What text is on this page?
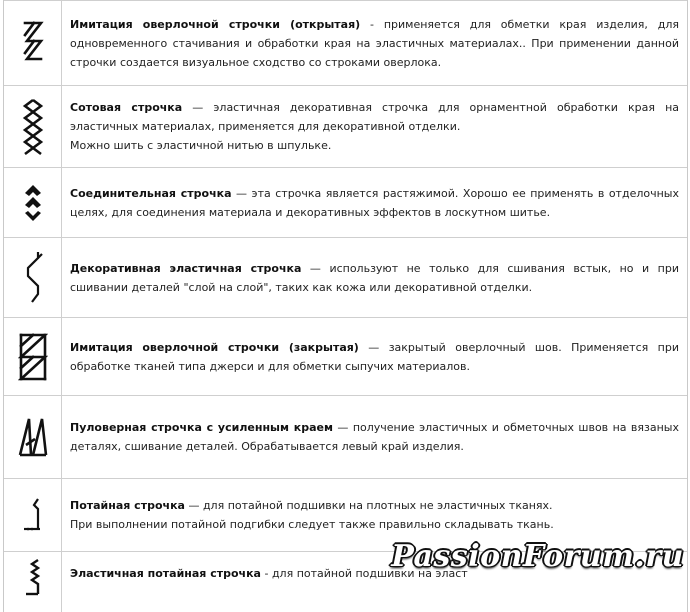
Имитация оверлочной строчки (открытая) - применяется для обметки края изделия, для одновременного стачивания и обработки края на эластичных материалах.. При применении данной строчки создается визуальное сходство со строками оверлока.

Сотовая строчка — эластичная декоративная строчка для орнаментной обработки края на эластичных материалах, применяется для декоративной отделки.

Можно шить с эластичной нитью в шпульке.

Соединительная строчка — эта строчка является растяжимой. Хорошо ее применять в отделочных целях, для соединения материала и декоративных эффектов в лоскутном шитье.

Декоративная эластичная строчка — используют не только для сшивания встык, но и при сшивании деталей "слой на слой", таких как кожа или декоративной отделки.

Имитация оверлочной строчки (закрытая) — закрытый оверлочный шов. Применяется при обработке тканей типа джерси и для обметки сыпучих материалов.

Пуловерная строчка с усиленным краем — получение эластичных и обметочных швов на вязаных деталях, сшивание деталей. Обрабатывается левый край изделия.

Потайная строчка — для потайной подшивки на плотных не эластичных тканях.

При выполнении потайной подгибки следует также правильно складывать ткань.

Эластичная потайная строчка - для потайной подшивки на эласт

PassionForum.ru
